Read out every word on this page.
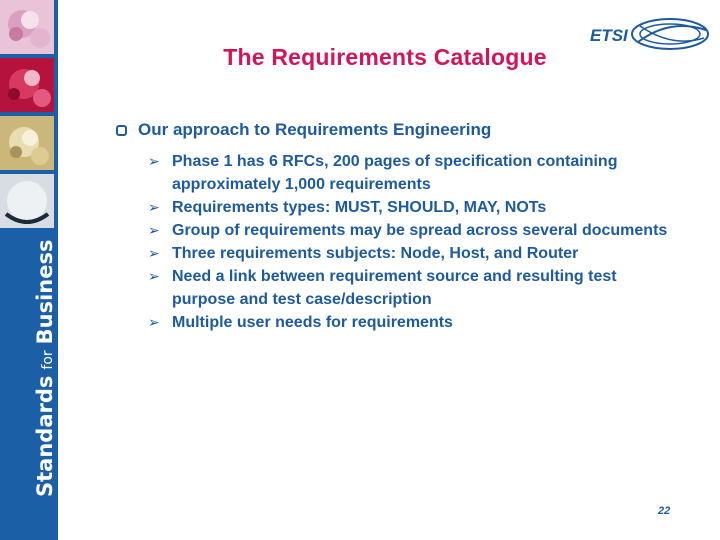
StandardsforBusiness
ETSI
The Requirements Catalogue
Our approach to Requirements Engineering
➢ Phase 1 has 6 RFCs, 200 pages of specification containing approximately 1,000 requirements
➢ Requirements types: MUST, SHOULD, MAY, NOTs
➢ Group of requirements may be spread across several documents
➢ Three requirements subjects: Node, Host, and Router
➢ Need a link between requirement source and resulting test purpose and test case/description
➢ Multiple user needs for requirements
22
